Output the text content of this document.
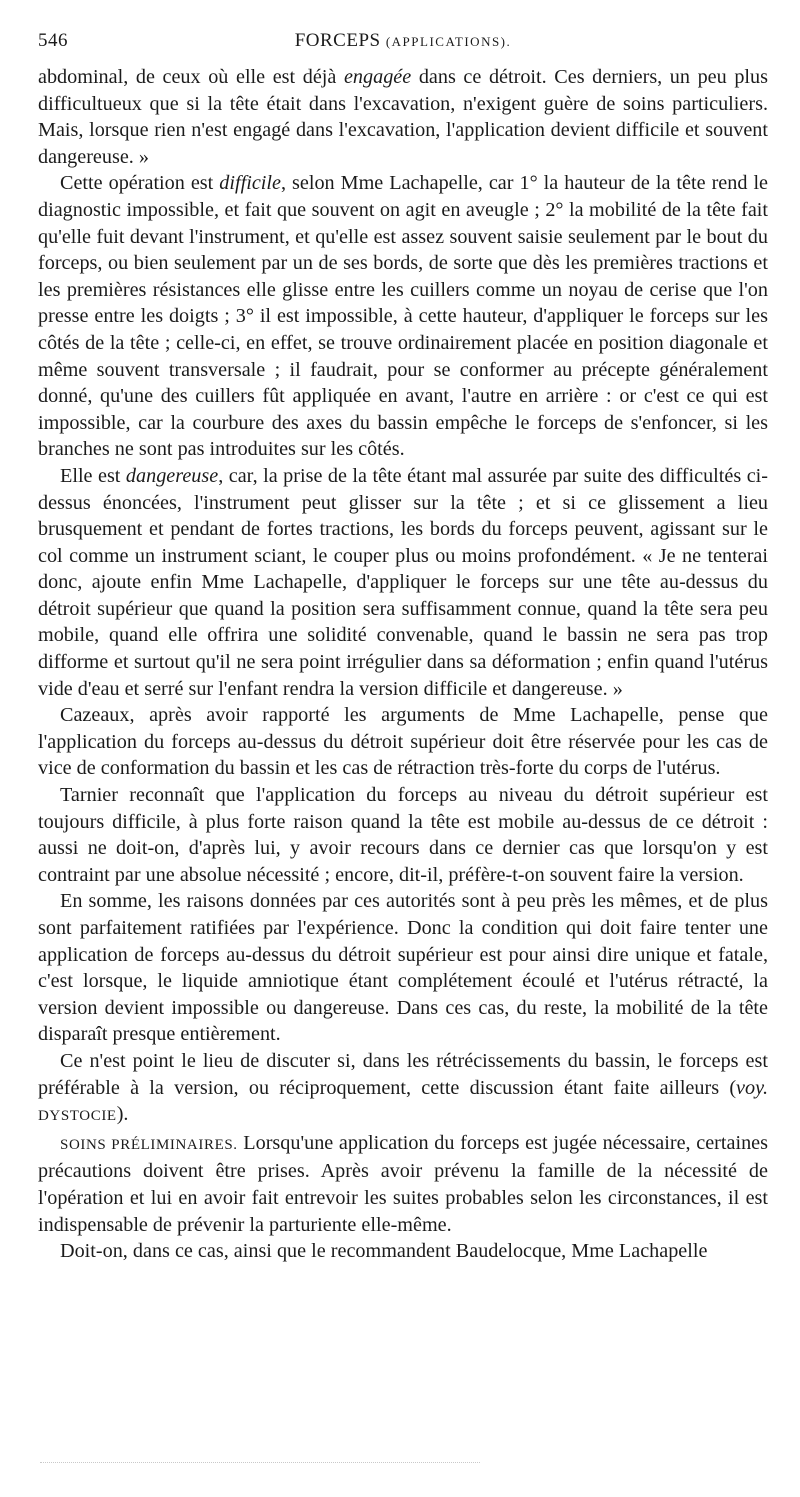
546	FORCEPS (APPLICATIONS).

abdominal, de ceux où elle est déjà engagée dans ce détroit. Ces derniers, un peu plus difficultueux que si la tête était dans l'excavation, n'exigent guère de soins particuliers. Mais, lorsque rien n'est engagé dans l'excavation, l'application devient difficile et souvent dangereuse. »

Cette opération est difficile, selon Mme Lachapelle, car 1° la hauteur de la tête rend le diagnostic impossible, et fait que souvent on agit en aveugle ; 2° la mobilité de la tête fait qu'elle fuit devant l'instrument, et qu'elle est assez souvent saisie seulement par le bout du forceps, ou bien seulement par un de ses bords, de sorte que dès les premières tractions et les premières résistances elle glisse entre les cuillers comme un noyau de cerise que l'on presse entre les doigts ; 3° il est impossible, à cette hauteur, d'appliquer le forceps sur les côtés de la tête ; celle-ci, en effet, se trouve ordinairement placée en position diagonale et même souvent transversale ; il faudrait, pour se conformer au précepte généralement donné, qu'une des cuillers fût appliquée en avant, l'autre en arrière : or c'est ce qui est impossible, car la courbure des axes du bassin empêche le forceps de s'enfoncer, si les branches ne sont pas introduites sur les côtés.

Elle est dangereuse, car, la prise de la tête étant mal assurée par suite des difficultés ci-dessus énoncées, l'instrument peut glisser sur la tête ; et si ce glissement a lieu brusquement et pendant de fortes tractions, les bords du forceps peuvent, agissant sur le col comme un instrument sciant, le couper plus ou moins profondément. « Je ne tenterai donc, ajoute enfin Mme Lachapelle, d'appliquer le forceps sur une tête au-dessus du détroit supérieur que quand la position sera suffisamment connue, quand la tête sera peu mobile, quand elle offrira une solidité convenable, quand le bassin ne sera pas trop difforme et surtout qu'il ne sera point irrégulier dans sa déformation ; enfin quand l'utérus vide d'eau et serré sur l'enfant rendra la version difficile et dangereuse. »

Cazeaux, après avoir rapporté les arguments de Mme Lachapelle, pense que l'application du forceps au-dessus du détroit supérieur doit être réservée pour les cas de vice de conformation du bassin et les cas de rétraction très-forte du corps de l'utérus.

Tarnier reconnaît que l'application du forceps au niveau du détroit supérieur est toujours difficile, à plus forte raison quand la tête est mobile au-dessus de ce détroit : aussi ne doit-on, d'après lui, y avoir recours dans ce dernier cas que lorsqu'on y est contraint par une absolue nécessité ; encore, dit-il, préfère-t-on souvent faire la version.

En somme, les raisons données par ces autorités sont à peu près les mêmes, et de plus sont parfaitement ratifiées par l'expérience. Donc la condition qui doit faire tenter une application de forceps au-dessus du détroit supérieur est pour ainsi dire unique et fatale, c'est lorsque, le liquide amniotique étant complétement écoulé et l'utérus rétracté, la version devient impossible ou dangereuse. Dans ces cas, du reste, la mobilité de la tête disparaît presque entièrement.

Ce n'est point le lieu de discuter si, dans les rétrécissements du bassin, le forceps est préférable à la version, ou réciproquement, cette discussion étant faite ailleurs (voy. DYSTOCIE).

SOINS PRÉLIMINAIRES. Lorsqu'une application du forceps est jugée nécessaire, certaines précautions doivent être prises. Après avoir prévenu la famille de la nécessité de l'opération et lui en avoir fait entrevoir les suites probables selon les circonstances, il est indispensable de prévenir la parturiente elle-même.

Doit-on, dans ce cas, ainsi que le recommandent Baudelocque, Mme Lachapelle
